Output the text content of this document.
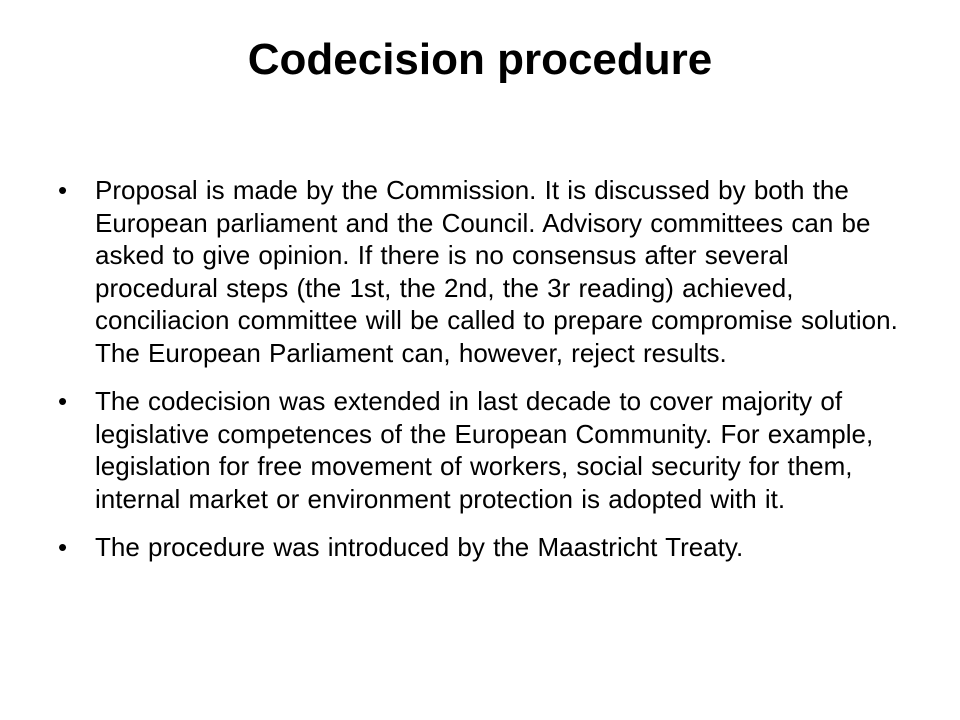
Codecision procedure
•	Proposal is made by the Commission. It is discussed by both the European parliament and the Council. Advisory committees can be asked to give opinion. If there is no consensus after several procedural steps (the 1st, the 2nd, the 3r reading) achieved, conciliacion committee will be called to prepare compromise solution. The European Parliament can, however, reject results.
•	The codecision was extended in last decade to cover majority of legislative competences of the European Community. For example, legislation for free movement of workers, social security for them, internal market or environment protection is adopted with it.
•	The procedure was introduced by the Maastricht Treaty.
